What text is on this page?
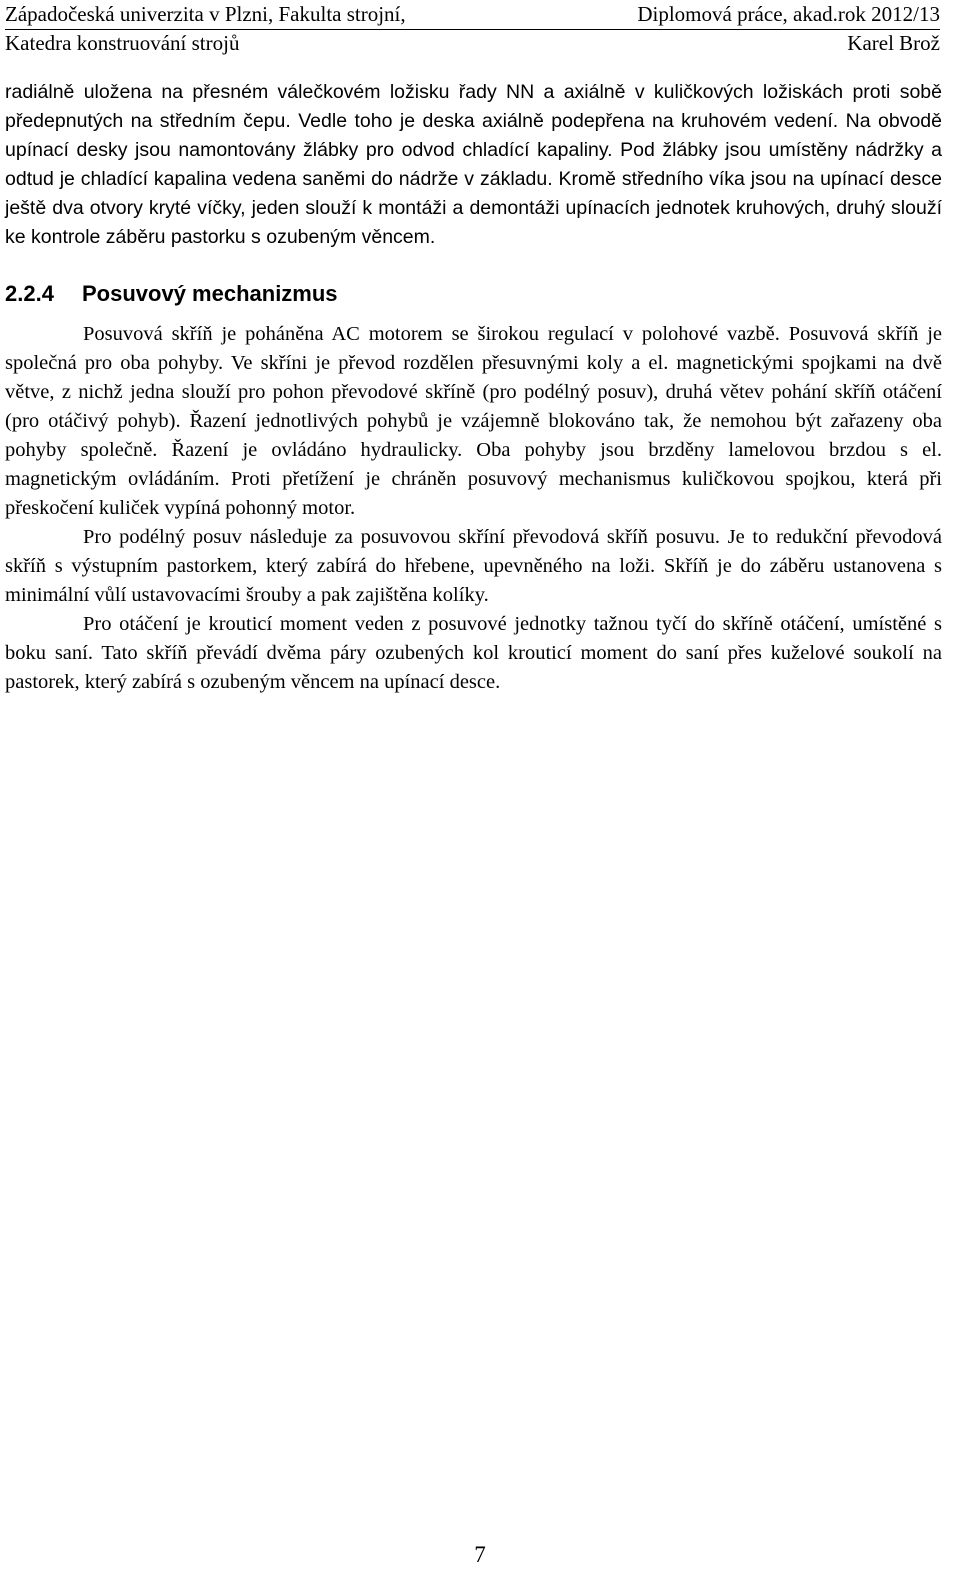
Západočeská univerzita v Plzni, Fakulta strojní,	Diplomová práce, akad.rok 2012/13
Katedra konstruování strojů	Karel Brož

radiálně uložena na přesném válečkovém ložisku řady NN a axiálně v kuličkových ložiskách proti sobě předepnutých na středním čepu. Vedle toho je deska axiálně podepřena na kruhovém vedení. Na obvodě upínací desky jsou namontovány žlábky pro odvod chladící kapaliny. Pod žlábky jsou umístěny nádržky a odtud je chladící kapalina vedena saněmi do nádrže v základu. Kromě středního víka jsou na upínací desce ještě dva otvory kryté víčky, jeden slouží k montáži a demontáži upínacích jednotek kruhových, druhý slouží ke kontrole záběru pastorku s ozubeným věncem.

2.2.4 Posuvový mechanizmus

Posuvová skříň je poháněna AC motorem se širokou regulací v polohové vazbě. Posuvová skříň je společná pro oba pohyby. Ve skříni je převod rozdělen přesuvnými koly a el. magnetickými spojkami na dvě větve, z nichž jedna slouží pro pohon převodové skříně (pro podélný posuv), druhá větev pohání skříň otáčení (pro otáčivý pohyb). Řazení jednotlivých pohybů je vzájemně blokováno tak, že nemohou být zařazeny oba pohyby společně. Řazení je ovládáno hydraulicky. Oba pohyby jsou brzděny lamelovou brzdou s el. magnetickým ovládáním. Proti přetížení je chráněn posuvový mechanismus kuličkovou spojkou, která při přeskočení kuliček vypíná pohonný motor.

Pro podélný posuv následuje za posuvovou skříní převodová skříň posuvu. Je to redukční převodová skříň s výstupním pastorkem, který zabírá do hřebene, upevněného na loži. Skříň je do záběru ustanovena s minimální vůlí ustavovacími šrouby a pak zajištěna kolíky.

Pro otáčení je krouticí moment veden z posuvové jednotky tažnou tyčí do skříně otáčení, umístěné s boku saní. Tato skříň převádí dvěma páry ozubených kol krouticí moment do saní přes kuželové soukolí na pastorek, který zabírá s ozubeným věncem na upínací desce.

7
